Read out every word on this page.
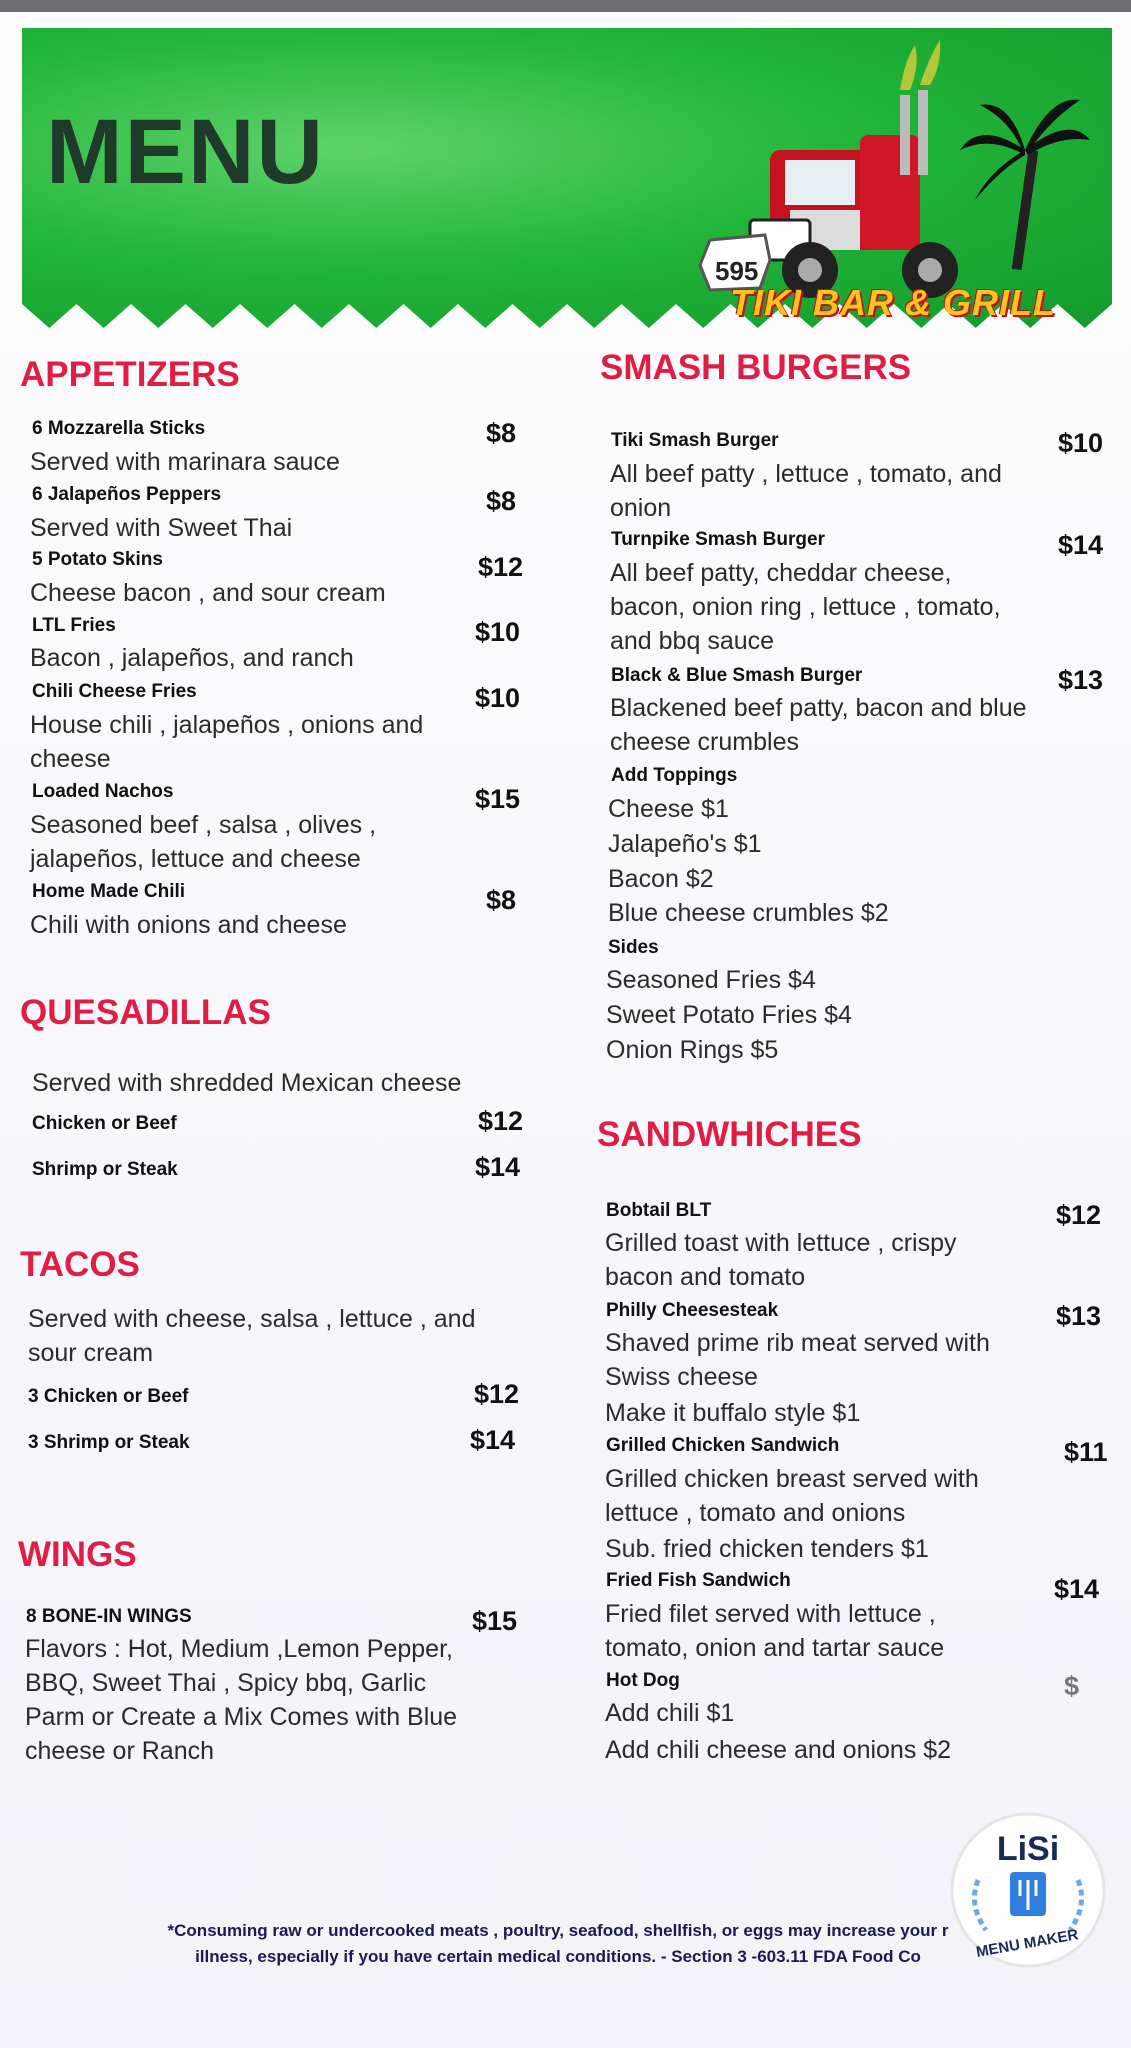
MENU
595
TIKI BAR & GRILL
APPETIZERS
6 Mozzarella Sticks	$8
Served with marinara sauce
6 Jalapeños Peppers	$8
Served with Sweet Thai
5 Potato Skins	$12
Cheese bacon , and sour cream
LTL Fries	$10
Bacon , jalapeños, and ranch
Chili Cheese Fries	$10
House chili , jalapeños , onions and cheese
Loaded Nachos	$15
Seasoned beef , salsa , olives , jalapeños, lettuce and cheese
Home Made Chili	$8
Chili with onions and cheese
QUESADILLAS
Served with shredded Mexican cheese
Chicken or Beef	$12
Shrimp or Steak	$14
TACOS
Served with cheese, salsa , lettuce , and sour cream
3 Chicken or Beef	$12
3 Shrimp or Steak	$14
WINGS
8 BONE-IN WINGS	$15
Flavors : Hot, Medium ,Lemon Pepper, BBQ, Sweet Thai , Spicy bbq, Garlic Parm or Create a Mix Comes with Blue cheese or Ranch
SMASH BURGERS
Tiki Smash Burger	$10
All beef patty , lettuce , tomato, and onion
Turnpike Smash Burger	$14
All beef patty, cheddar cheese, bacon, onion ring , lettuce , tomato, and bbq sauce
Black & Blue Smash Burger	$13
Blackened beef patty, bacon and blue cheese crumbles
Add Toppings
Cheese $1
Jalapeño's $1
Bacon $2
Blue cheese crumbles $2
Sides
Seasoned Fries $4
Sweet Potato Fries $4
Onion Rings $5
SANDWHICHES
Bobtail BLT	$12
Grilled toast with lettuce , crispy bacon and tomato
Philly Cheesesteak	$13
Shaved prime rib meat served with Swiss cheese
Make it buffalo style $1
Grilled Chicken Sandwich	$11
Grilled chicken breast served with lettuce , tomato and onions
Sub. fried chicken tenders $1
Fried Fish Sandwich	$14
Fried filet served with lettuce , tomato, onion and tartar sauce
Hot Dog	$
Add chili $1
Add chili cheese and onions $2
LiSi
MENU MAKER
*Consuming raw or undercooked meats , poultry, seafood, shellfish, or eggs may increase your r
illness, especially if you have certain medical conditions. - Section 3 -603.11 FDA Food Co
